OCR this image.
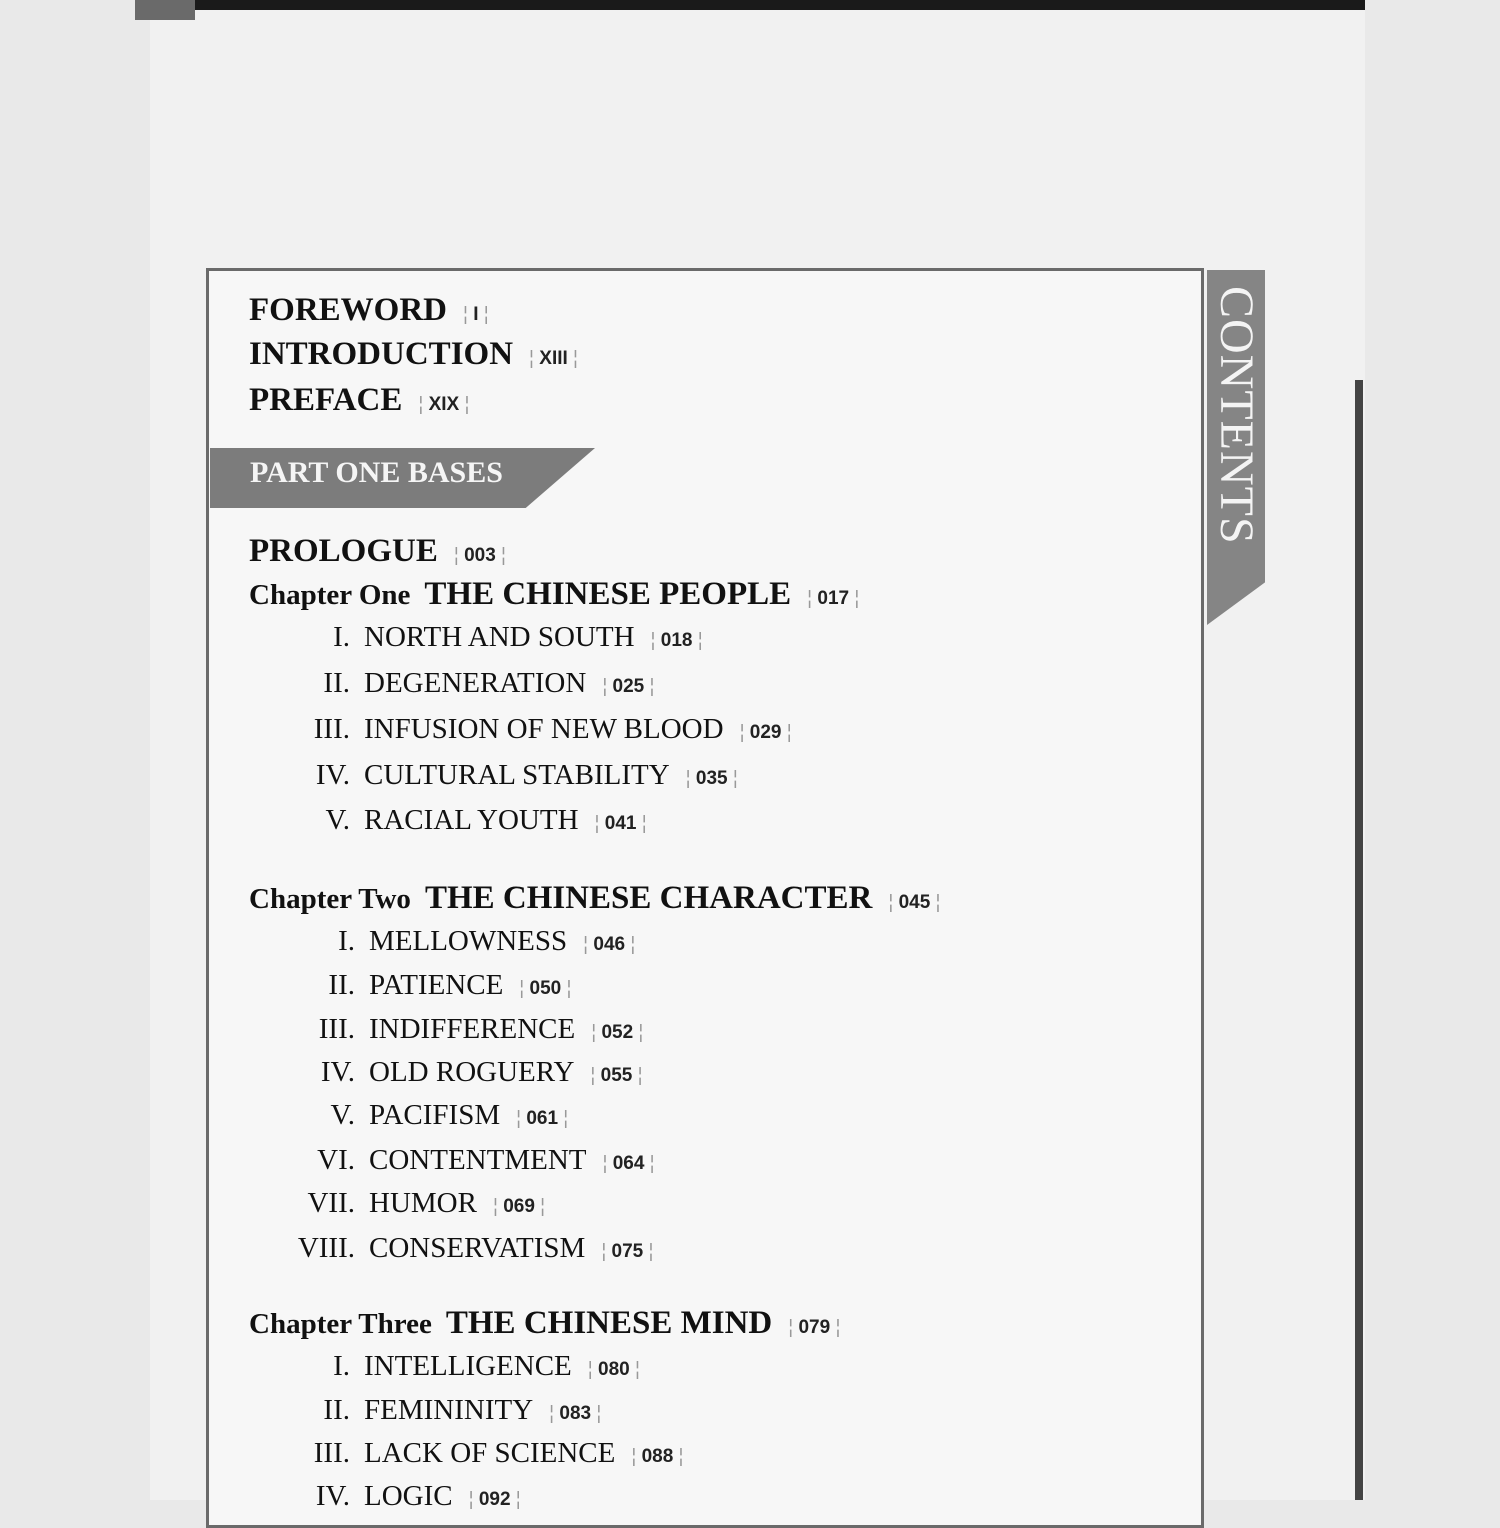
CONTENTS
FOREWORD ¦ I ¦
INTRODUCTION ¦ XIII ¦
PREFACE ¦ XIX ¦
PART ONE BASES
PROLOGUE ¦ 003 ¦
Chapter One THE CHINESE PEOPLE ¦ 017 ¦
I. NORTH AND SOUTH ¦ 018 ¦
II. DEGENERATION ¦ 025 ¦
III. INFUSION OF NEW BLOOD ¦ 029 ¦
IV. CULTURAL STABILITY ¦ 035 ¦
V. RACIAL YOUTH ¦ 041 ¦
Chapter Two THE CHINESE CHARACTER ¦ 045 ¦
I. MELLOWNESS ¦ 046 ¦
II. PATIENCE ¦ 050 ¦
III. INDIFFERENCE ¦ 052 ¦
IV. OLD ROGUERY ¦ 055 ¦
V. PACIFISM ¦ 061 ¦
VI. CONTENTMENT ¦ 064 ¦
VII. HUMOR ¦ 069 ¦
VIII. CONSERVATISM ¦ 075 ¦
Chapter Three THE CHINESE MIND ¦ 079 ¦
I. INTELLIGENCE ¦ 080 ¦
II. FEMININITY ¦ 083 ¦
III. LACK OF SCIENCE ¦ 088 ¦
IV. LOGIC ¦ 092 ¦
